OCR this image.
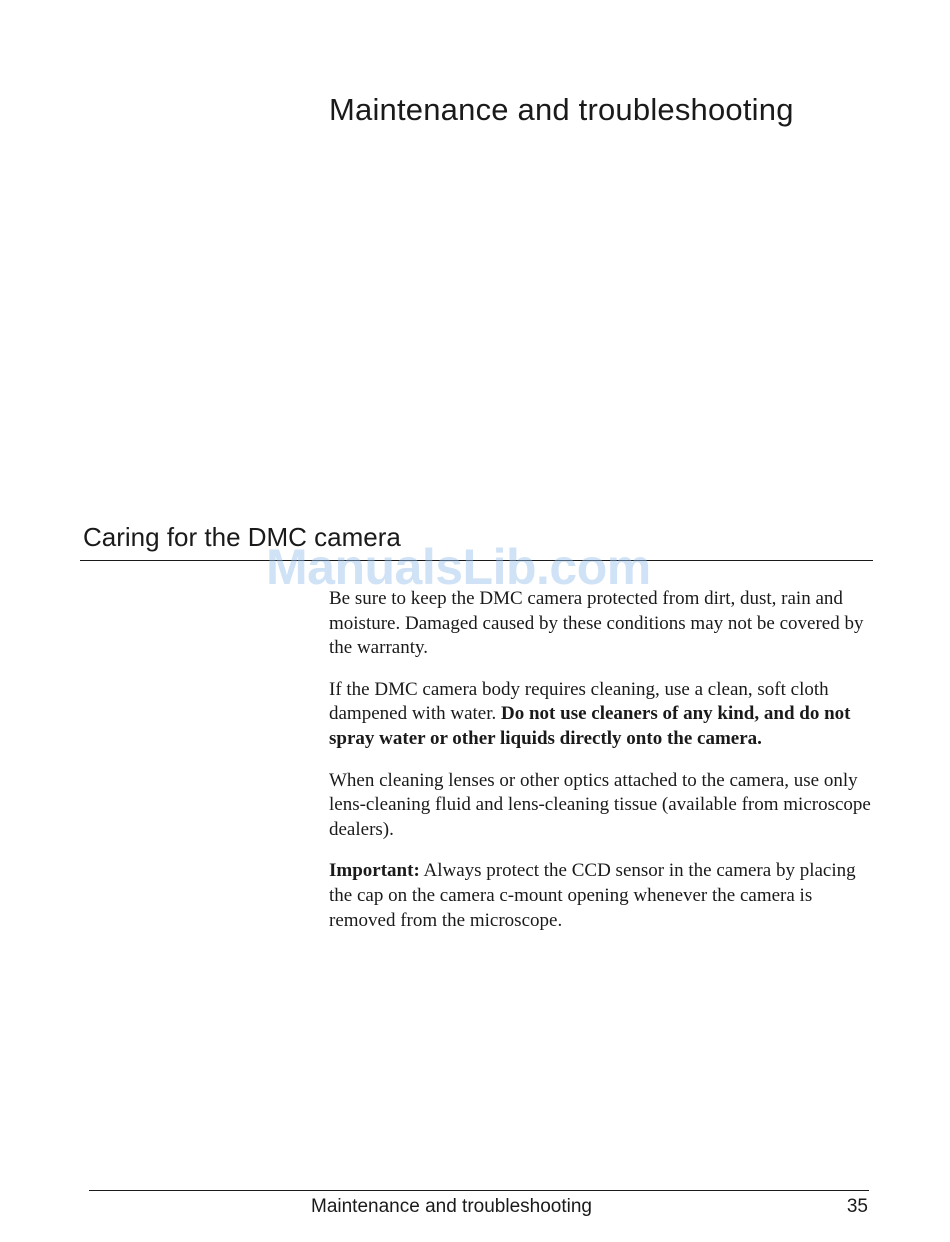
Maintenance and troubleshooting
Caring for the DMC camera
ManualsLib.com

Be sure to keep the DMC camera protected from dirt, dust, rain and moisture. Damaged caused by these conditions may not be covered by the warranty.

If the DMC camera body requires cleaning, use a clean, soft cloth dampened with water. Do not use cleaners of any kind, and do not spray water or other liquids directly onto the camera.

When cleaning lenses or other optics attached to the camera, use only lens-cleaning fluid and lens-cleaning tissue (available from microscope dealers).

Important: Always protect the CCD sensor in the camera by placing the cap on the camera c-mount opening whenever the camera is removed from the microscope.

Maintenance and troubleshooting	35
